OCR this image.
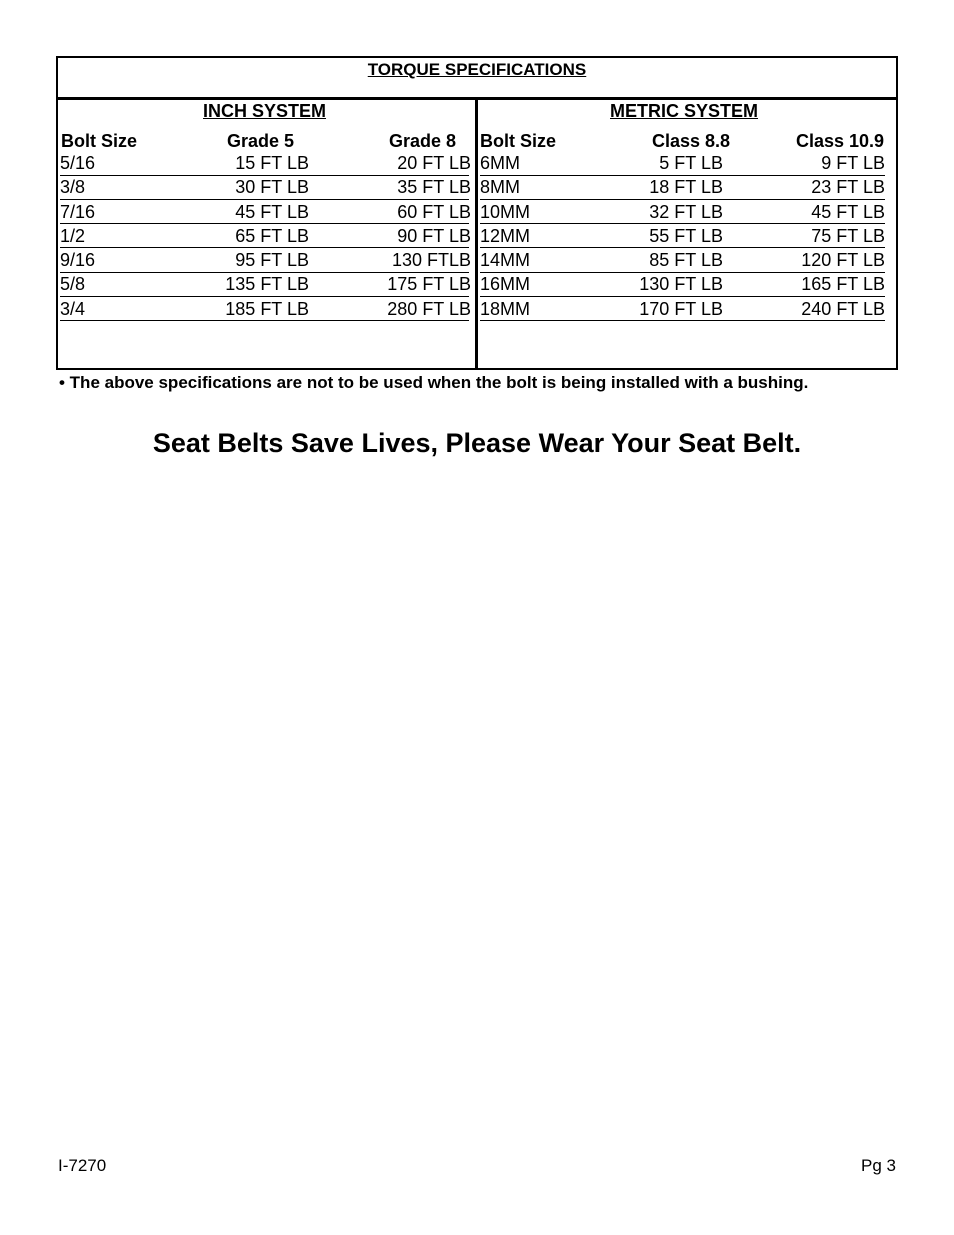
TORQUE SPECIFICATIONS
INCH SYSTEM
Bolt Size	Grade 5	Grade 8
5/16	15 FT LB	20 FT LB
3/8	30 FT LB	35 FT LB
7/16	45 FT LB	60 FT LB
1/2	65 FT LB	90 FT LB
9/16	95 FT LB	130 FTLB
5/8	135 FT LB	175 FT LB
3/4	185 FT LB	280 FT LB
METRIC SYSTEM
Bolt Size	Class 8.8	Class 10.9
6MM	5 FT LB	9 FT LB
8MM	18 FT LB	23 FT LB
10MM	32 FT LB	45 FT LB
12MM	55 FT LB	75 FT LB
14MM	85 FT LB	120 FT LB
16MM	130 FT LB	165 FT LB
18MM	170 FT LB	240 FT LB
• The above specifications are not to be used when the bolt is being installed with a bushing.
Seat Belts Save Lives, Please Wear Your Seat Belt.
I-7270	Pg 3
